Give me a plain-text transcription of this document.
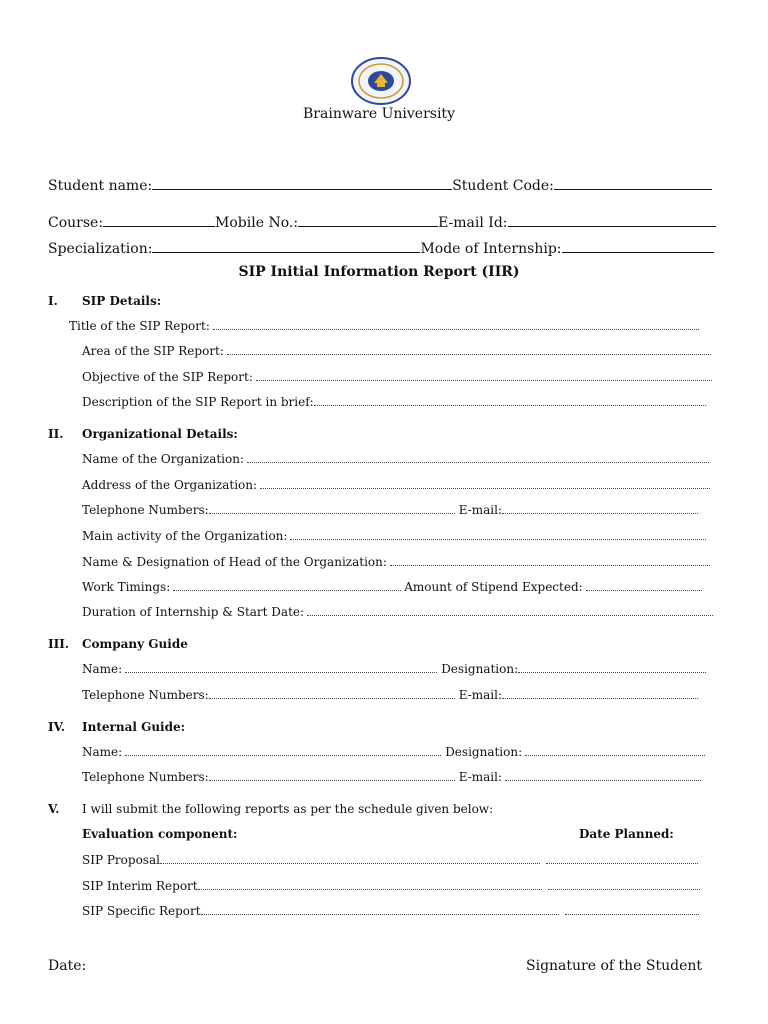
Brainware University
Student name:	Student Code:
Course:	Mobile No.:	E-mail Id:
Specialization:	Mode of Internship:
SIP Initial Information Report (IIR)
I. SIP Details:
Title of the SIP Report:
Area of the SIP Report:
Objective of the SIP Report:
Description of the SIP Report in brief:
II. Organizational Details:
Name of the Organization:
Address of the Organization:
Telephone Numbers:	E-mail:
Main activity of the Organization:
Name & Designation of Head of the Organization:
Work Timings:	Amount of Stipend Expected:
Duration of Internship & Start Date:
III. Company Guide
Name:	Designation:
Telephone Numbers:	E-mail:
IV. Internal Guide:
Name:	Designation:
Telephone Numbers:	E-mail:
V. I will submit the following reports as per the schedule given below:
Evaluation component:	Date Planned:
SIP Proposal
SIP Interim Report
SIP Specific Report
Date:	Signature of the Student
